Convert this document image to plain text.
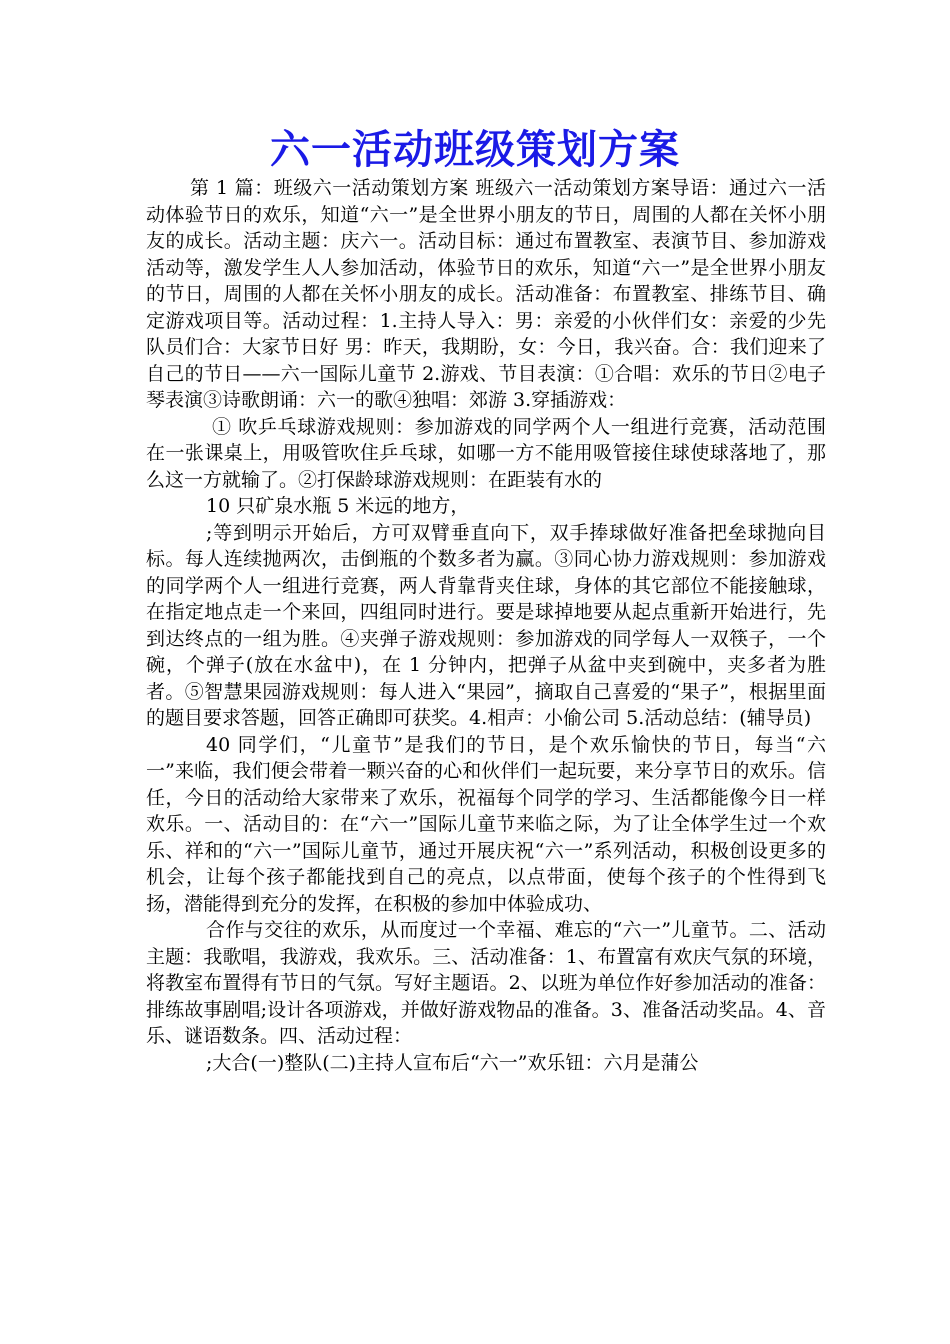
六一活动班级策划方案

第 1 篇：班级六一活动策划方案 班级六一活动策划方案导语：通过六一活动体验节日的欢乐，知道“六一”是全世界小朋友的节日，周围的人都在关怀小朋友的成长。活动主题：庆六一。活动目标：通过布置教室、表演节目、参加游戏活动等，激发学生人人参加活动，体验节日的欢乐，知道“六一”是全世界小朋友的节日，周围的人都在关怀小朋友的成长。活动准备：布置教室、排练节目、确定游戏项目等。活动过程：1.主持人导入：男：亲爱的小伙伴们女：亲爱的少先队员们合：大家节日好 男：昨天，我期盼，女：今日，我兴奋。合：我们迎来了自己的节日——六一国际儿童节 2.游戏、节目表演：①合唱：欢乐的节日②电子琴表演③诗歌朗诵：六一的歌④独唱：郊游 3.穿插游戏：

① 吹乒乓球游戏规则：参加游戏的同学两个人一组进行竞赛，活动范围在一张课桌上，用吸管吹住乒乓球，如哪一方不能用吸管接住球使球落地了，那么这一方就输了。②打保龄球游戏规则：在距装有水的

10 只矿泉水瓶 5 米远的地方，

;等到明示开始后，方可双臂垂直向下，双手捧球做好准备把垒球抛向目标。每人连续抛两次，击倒瓶的个数多者为赢。③同心协力游戏规则：参加游戏的同学两个人一组进行竞赛，两人背靠背夹住球，身体的其它部位不能接触球，在指定地点走一个来回，四组同时进行。要是球掉地要从起点重新开始进行，先到达终点的一组为胜。④夹弹子游戏规则：参加游戏的同学每人一双筷子，一个碗，个弹子(放在水盆中)，在 1 分钟内，把弹子从盆中夹到碗中，夹多者为胜者。⑤智慧果园游戏规则：每人进入“果园”，摘取自己喜爱的“果子”，根据里面的题目要求答题，回答正确即可获奖。4.相声：小偷公司 5.活动总结：(辅导员)

40 同学们，“儿童节”是我们的节日，是个欢乐愉快的节日，每当“六一”来临，我们便会带着一颗兴奋的心和伙伴们一起玩要，来分享节日的欢乐。信任，今日的活动给大家带来了欢乐，祝福每个同学的学习、生活都能像今日一样欢乐。一、活动目的：在“六一”国际儿童节来临之际，为了让全体学生过一个欢乐、祥和的“六一”国际儿童节，通过开展庆祝“六一”系列活动，积极创设更多的机会，让每个孩子都能找到自己的亮点，以点带面，使每个孩子的个性得到飞扬，潜能得到充分的发挥，在积极的参加中体验成功、

合作与交往的欢乐，从而度过一个幸福、难忘的“六一”儿童节。二、活动主题：我歌唱，我游戏，我欢乐。三、活动准备：1、布置富有欢庆气氛的环境，将教室布置得有节日的气氛。写好主题语。2、以班为单位作好参加活动的准备：排练故事剧唱;设计各项游戏，并做好游戏物品的准备。3、准备活动奖品。4、音乐、谜语数条。四、活动过程：

;大合(一)整队(二)主持人宣布后“六一”欢乐钮：六月是蒲公
